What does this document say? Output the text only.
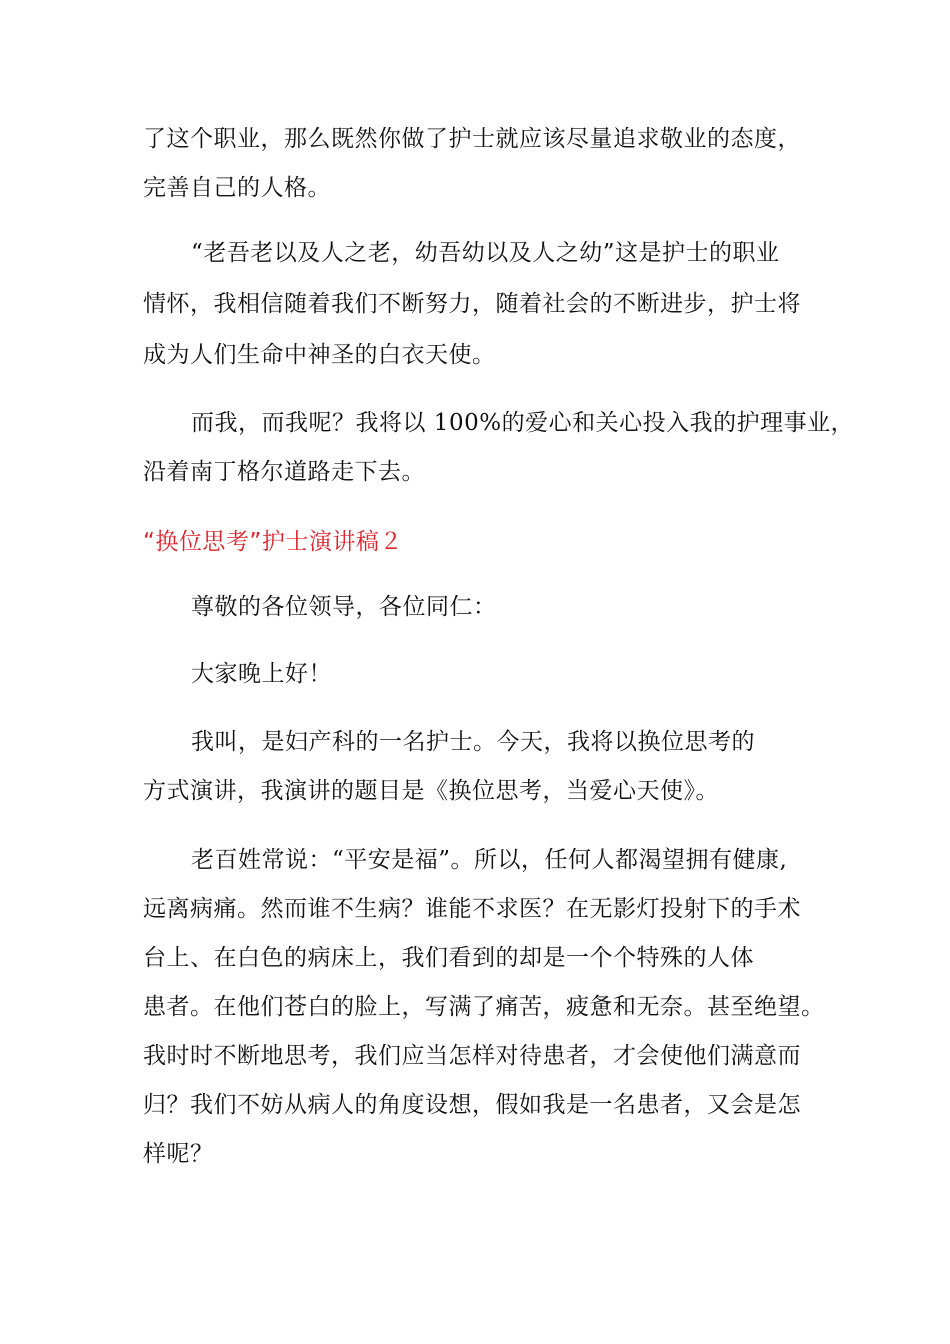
了这个职业，那么既然你做了护士就应该尽量追求敬业的态度，
完善自己的人格。
“老吾老以及人之老，幼吾幼以及人之幼”这是护士的职业
情怀，我相信随着我们不断努力，随着社会的不断进步，护士将
成为人们生命中神圣的白衣天使。
而我，而我呢？我将以 100%的爱心和关心投入我的护理事业，
沿着南丁格尔道路走下去。
“换位思考”护士演讲稿２
尊敬的各位领导，各位同仁：
大家晚上好！
我叫，是妇产科的一名护士。今天，我将以换位思考的
方式演讲，我演讲的题目是《换位思考，当爱心天使》。
老百姓常说：“平安是福”。所以，任何人都渴望拥有健康,
远离病痛。然而谁不生病？谁能不求医？在无影灯投射下的手术
台上、在白色的病床上，我们看到的却是一个个特殊的人体
患者。在他们苍白的脸上，写满了痛苦，疲惫和无奈。甚至绝望。
我时时不断地思考，我们应当怎样对待患者，才会使他们满意而
归？我们不妨从病人的角度设想，假如我是一名患者，又会是怎
样呢？
